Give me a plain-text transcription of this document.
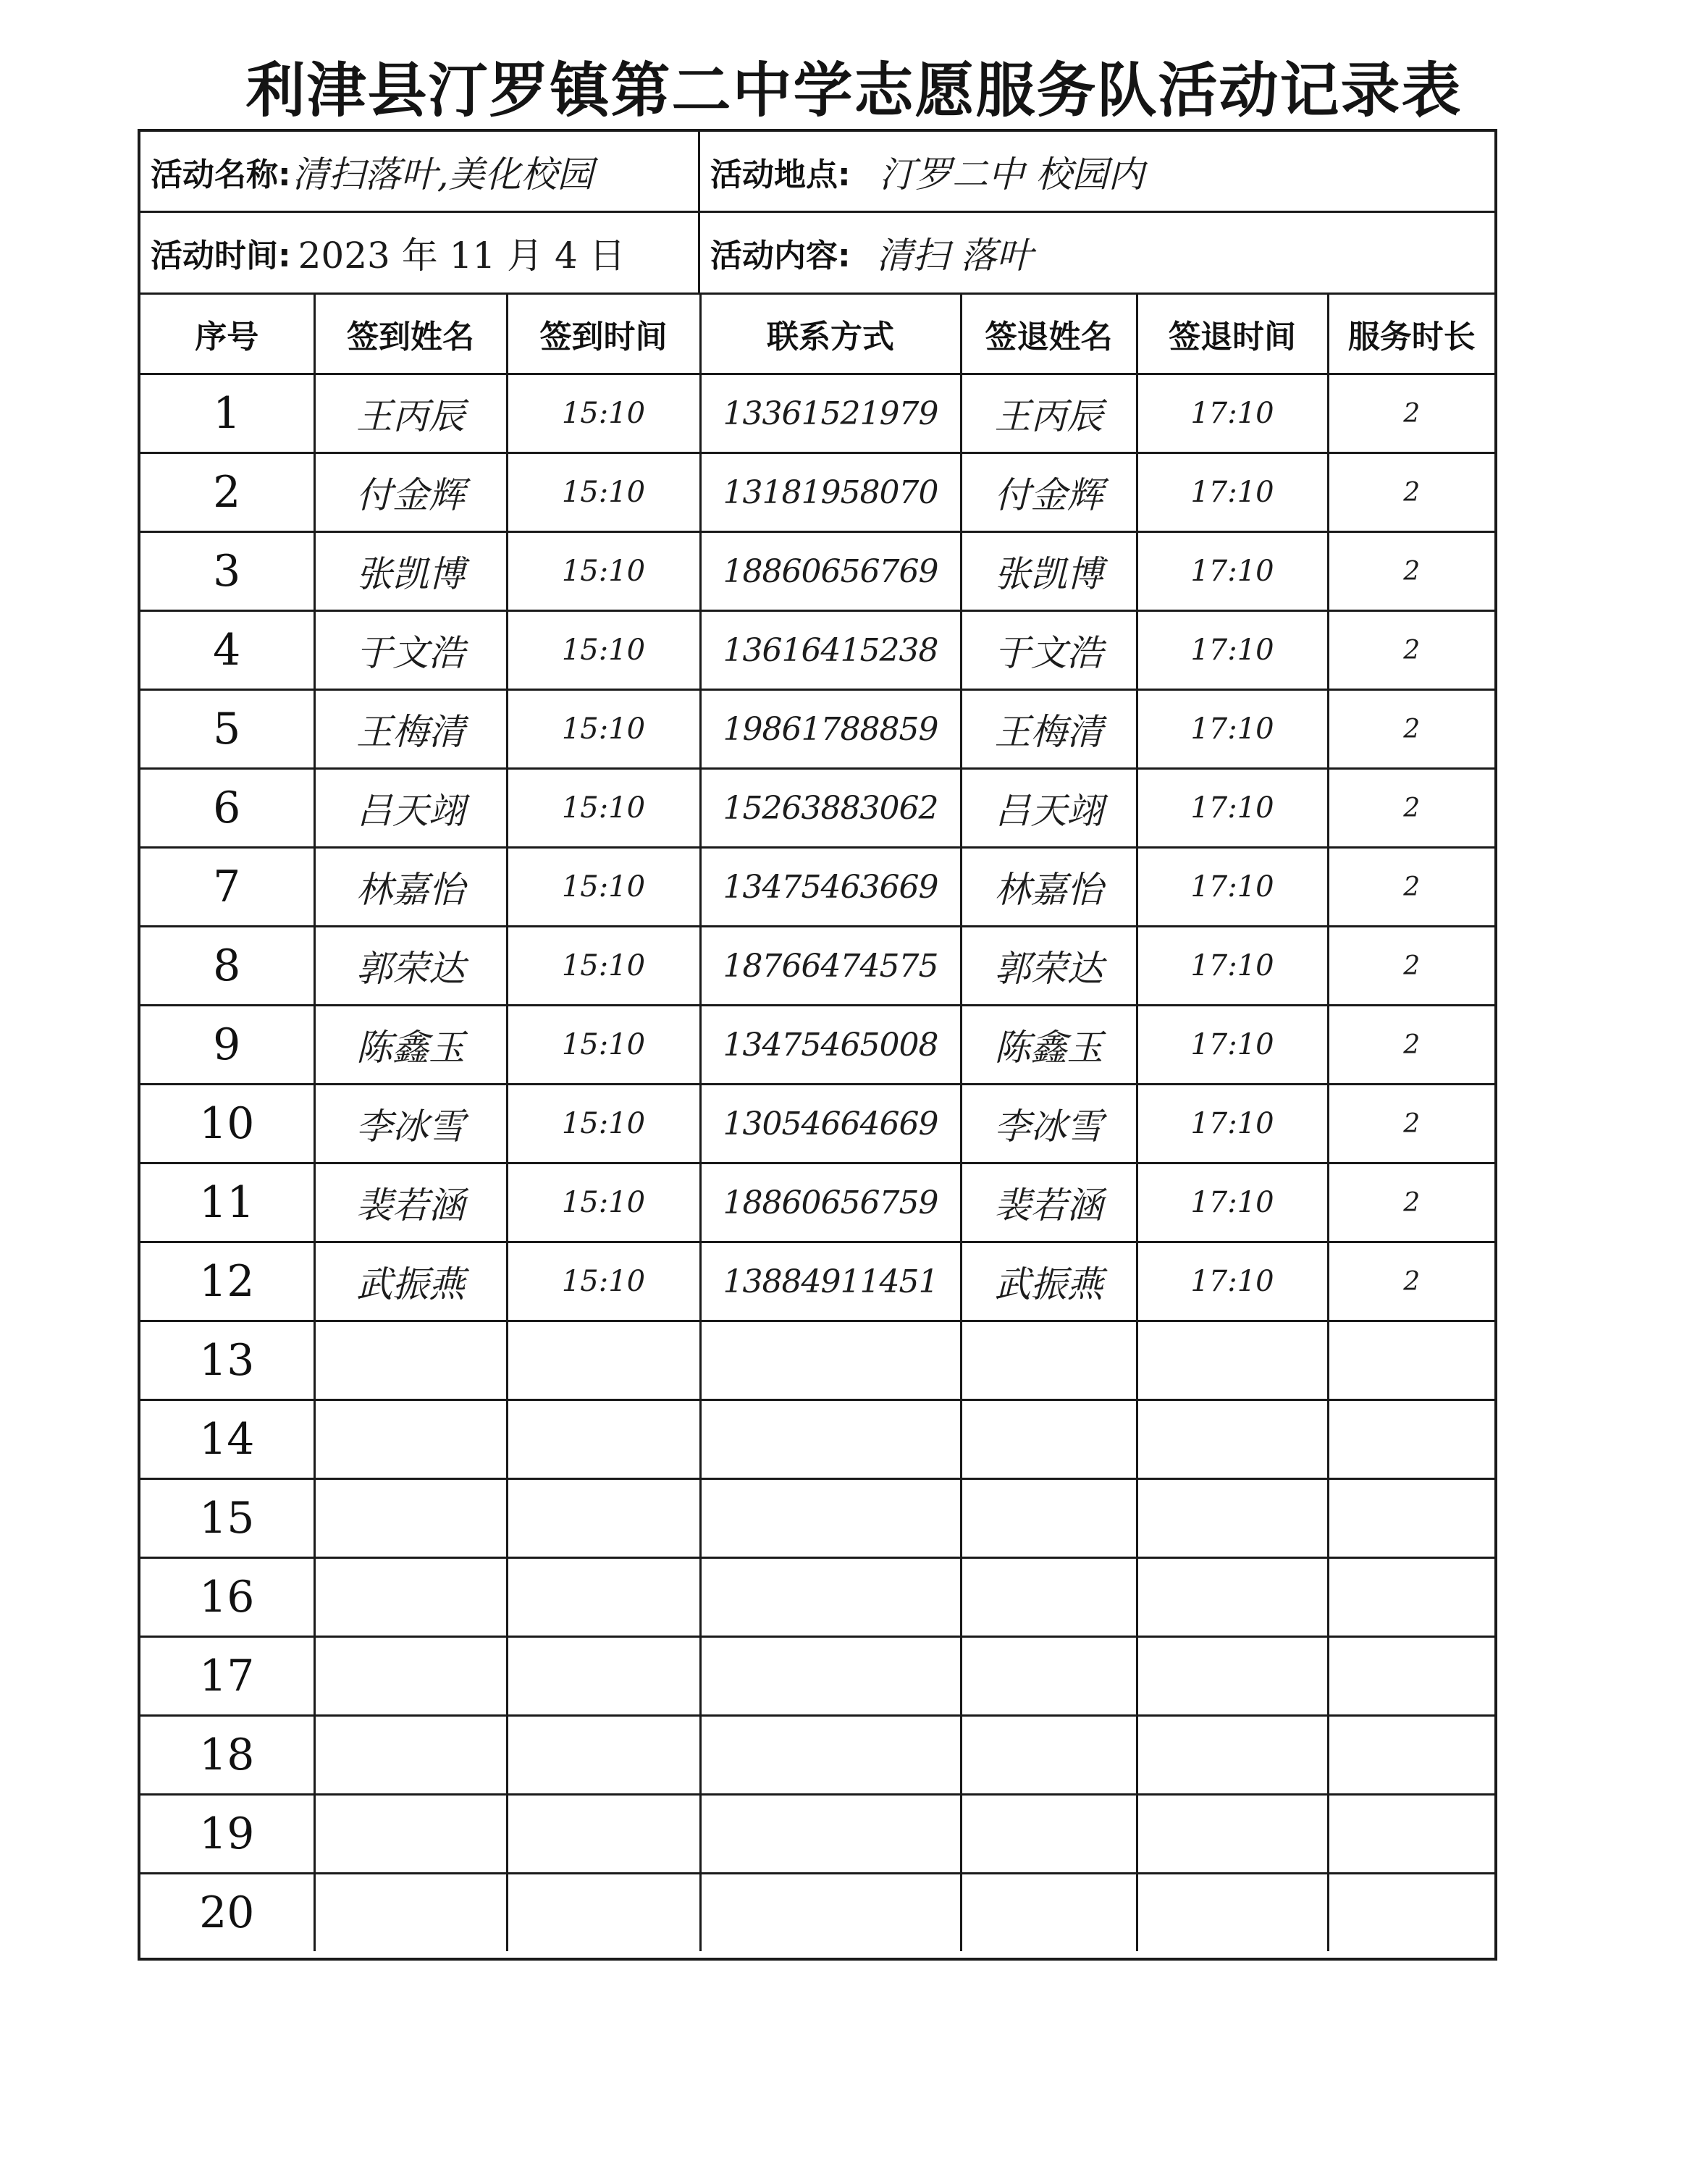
利津县汀罗镇第二中学志愿服务队活动记录表
活动名称: 清扫落叶,美化校园	活动地点: 汀罗二中 校园内
活动时间: 2023 年 11 月 4 日	活动内容: 清扫 落叶
序号	签到姓名	签到时间	联系方式	签退姓名	签退时间	服务时长
1	王丙辰	15:10	13361521979	王丙辰	17:10	2
2	付金辉	15:10	13181958070	付金辉	17:10	2
3	张凯博	15:10	18860656769	张凯博	17:10	2
4	于文浩	15:10	13616415238	于文浩	17:10	2
5	王梅清	15:10	19861788859	王梅清	17:10	2
6	吕天翊	15:10	15263883062	吕天翊	17:10	2
7	林嘉怡	15:10	13475463669	林嘉怡	17:10	2
8	郭荣达	15:10	18766474575	郭荣达	17:10	2
9	陈鑫玉	15:10	13475465008	陈鑫玉	17:10	2
10	李冰雪	15:10	13054664669	李冰雪	17:10	2
11	裴若涵	15:10	18860656759	裴若涵	17:10	2
12	武振燕	15:10	13884911451	武振燕	17:10	2
13						
14						
15						
16						
17						
18						
19						
20						
